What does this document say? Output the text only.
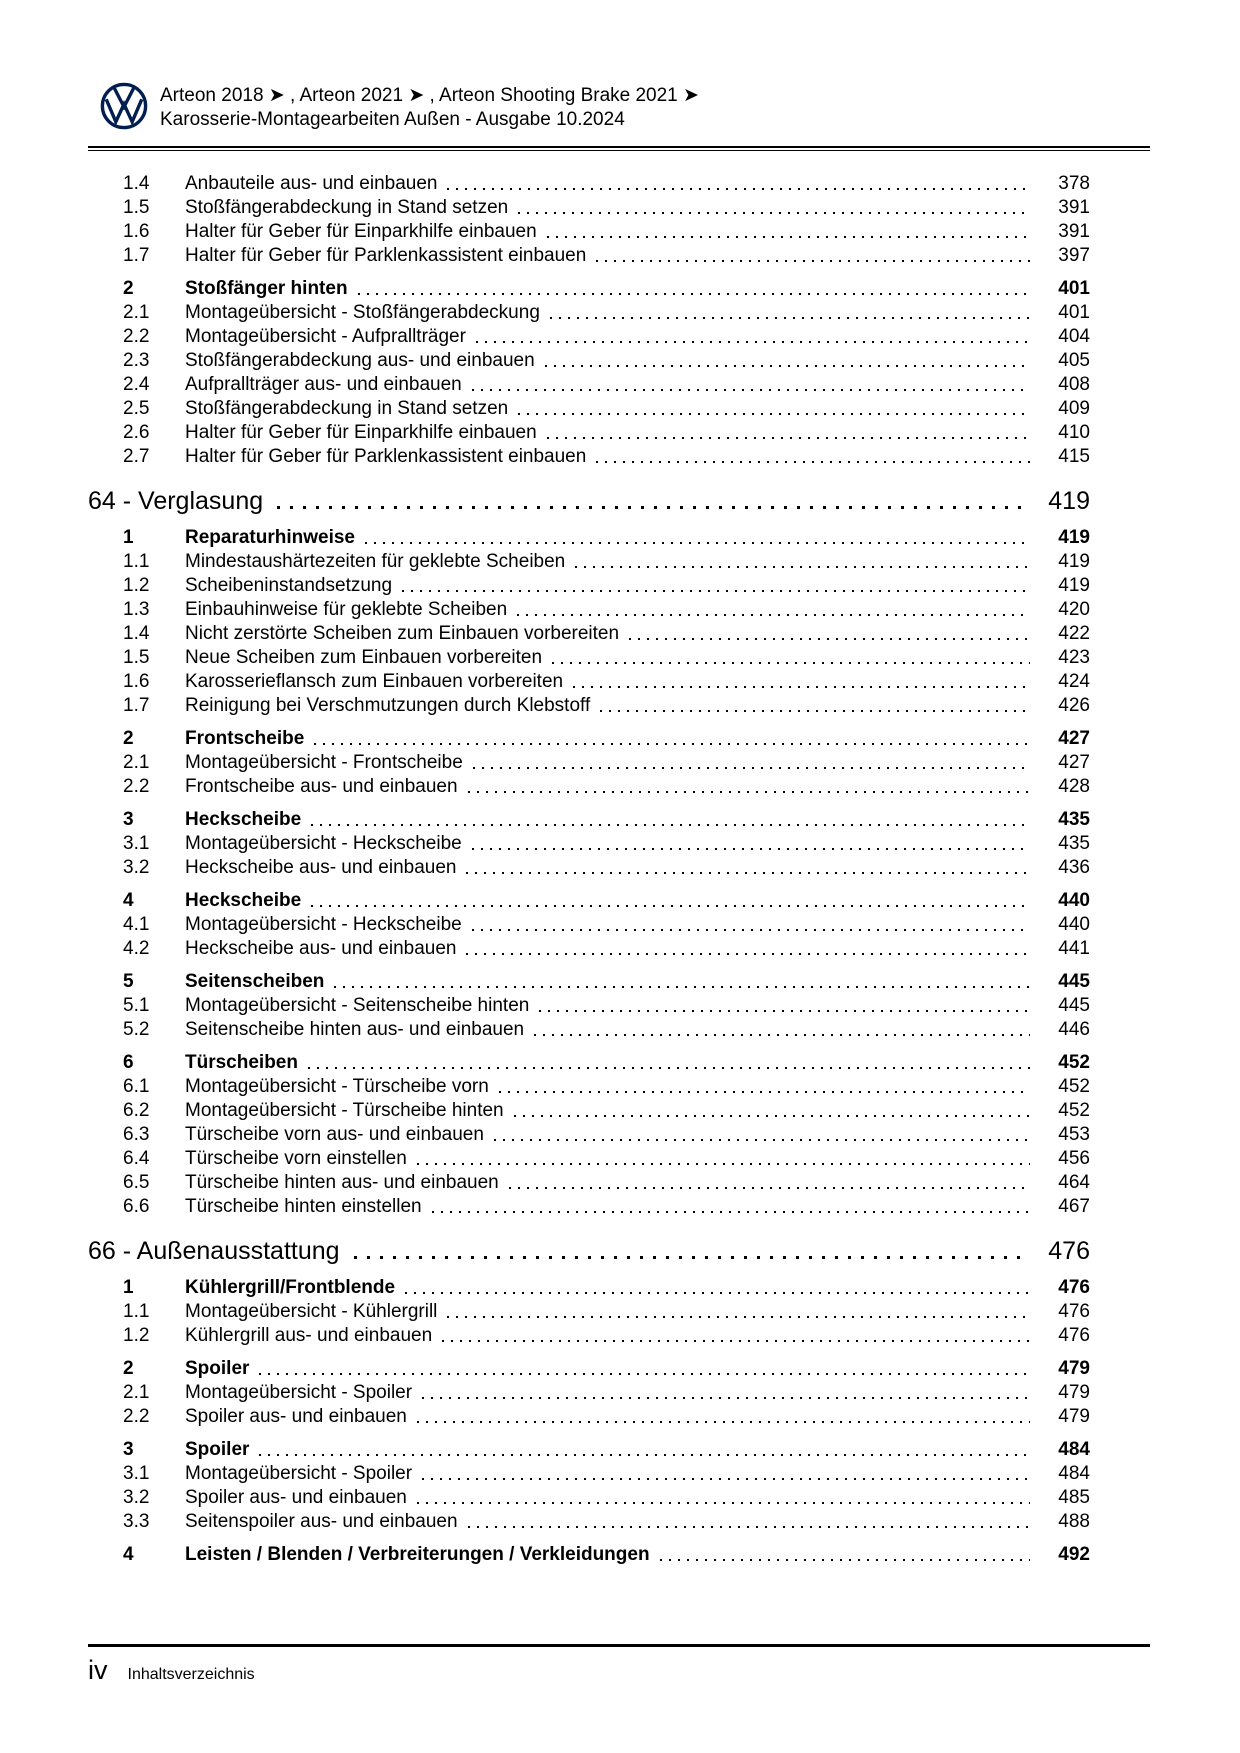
Arteon 2018 ➤ , Arteon 2021 ➤ , Arteon Shooting Brake 2021 ➤
Karosserie-Montagearbeiten Außen - Ausgabe 10.2024
1.4	Anbauteile aus- und einbauen	378
1.5	Stoßfängerabdeckung in Stand setzen	391
1.6	Halter für Geber für Einparkhilfe einbauen	391
1.7	Halter für Geber für Parklenkassistent einbauen	397
2	Stoßfänger hinten	401
2.1	Montageübersicht - Stoßfängerabdeckung	401
2.2	Montageübersicht - Aufprallträger	404
2.3	Stoßfängerabdeckung aus- und einbauen	405
2.4	Aufprallträger aus- und einbauen	408
2.5	Stoßfängerabdeckung in Stand setzen	409
2.6	Halter für Geber für Einparkhilfe einbauen	410
2.7	Halter für Geber für Parklenkassistent einbauen	415
64 - Verglasung	419
1	Reparaturhinweise	419
1.1	Mindestaushärtezeiten für geklebte Scheiben	419
1.2	Scheibeninstandsetzung	419
1.3	Einbauhinweise für geklebte Scheiben	420
1.4	Nicht zerstörte Scheiben zum Einbauen vorbereiten	422
1.5	Neue Scheiben zum Einbauen vorbereiten	423
1.6	Karosserieflansch zum Einbauen vorbereiten	424
1.7	Reinigung bei Verschmutzungen durch Klebstoff	426
2	Frontscheibe	427
2.1	Montageübersicht - Frontscheibe	427
2.2	Frontscheibe aus- und einbauen	428
3	Heckscheibe	435
3.1	Montageübersicht - Heckscheibe	435
3.2	Heckscheibe aus- und einbauen	436
4	Heckscheibe	440
4.1	Montageübersicht - Heckscheibe	440
4.2	Heckscheibe aus- und einbauen	441
5	Seitenscheiben	445
5.1	Montageübersicht - Seitenscheibe hinten	445
5.2	Seitenscheibe hinten aus- und einbauen	446
6	Türscheiben	452
6.1	Montageübersicht - Türscheibe vorn	452
6.2	Montageübersicht - Türscheibe hinten	452
6.3	Türscheibe vorn aus- und einbauen	453
6.4	Türscheibe vorn einstellen	456
6.5	Türscheibe hinten aus- und einbauen	464
6.6	Türscheibe hinten einstellen	467
66 - Außenausstattung	476
1	Kühlergrill/Frontblende	476
1.1	Montageübersicht - Kühlergrill	476
1.2	Kühlergrill aus- und einbauen	476
2	Spoiler	479
2.1	Montageübersicht - Spoiler	479
2.2	Spoiler aus- und einbauen	479
3	Spoiler	484
3.1	Montageübersicht - Spoiler	484
3.2	Spoiler aus- und einbauen	485
3.3	Seitenspoiler aus- und einbauen	488
4	Leisten / Blenden / Verbreiterungen / Verkleidungen	492
iv Inhaltsverzeichnis
